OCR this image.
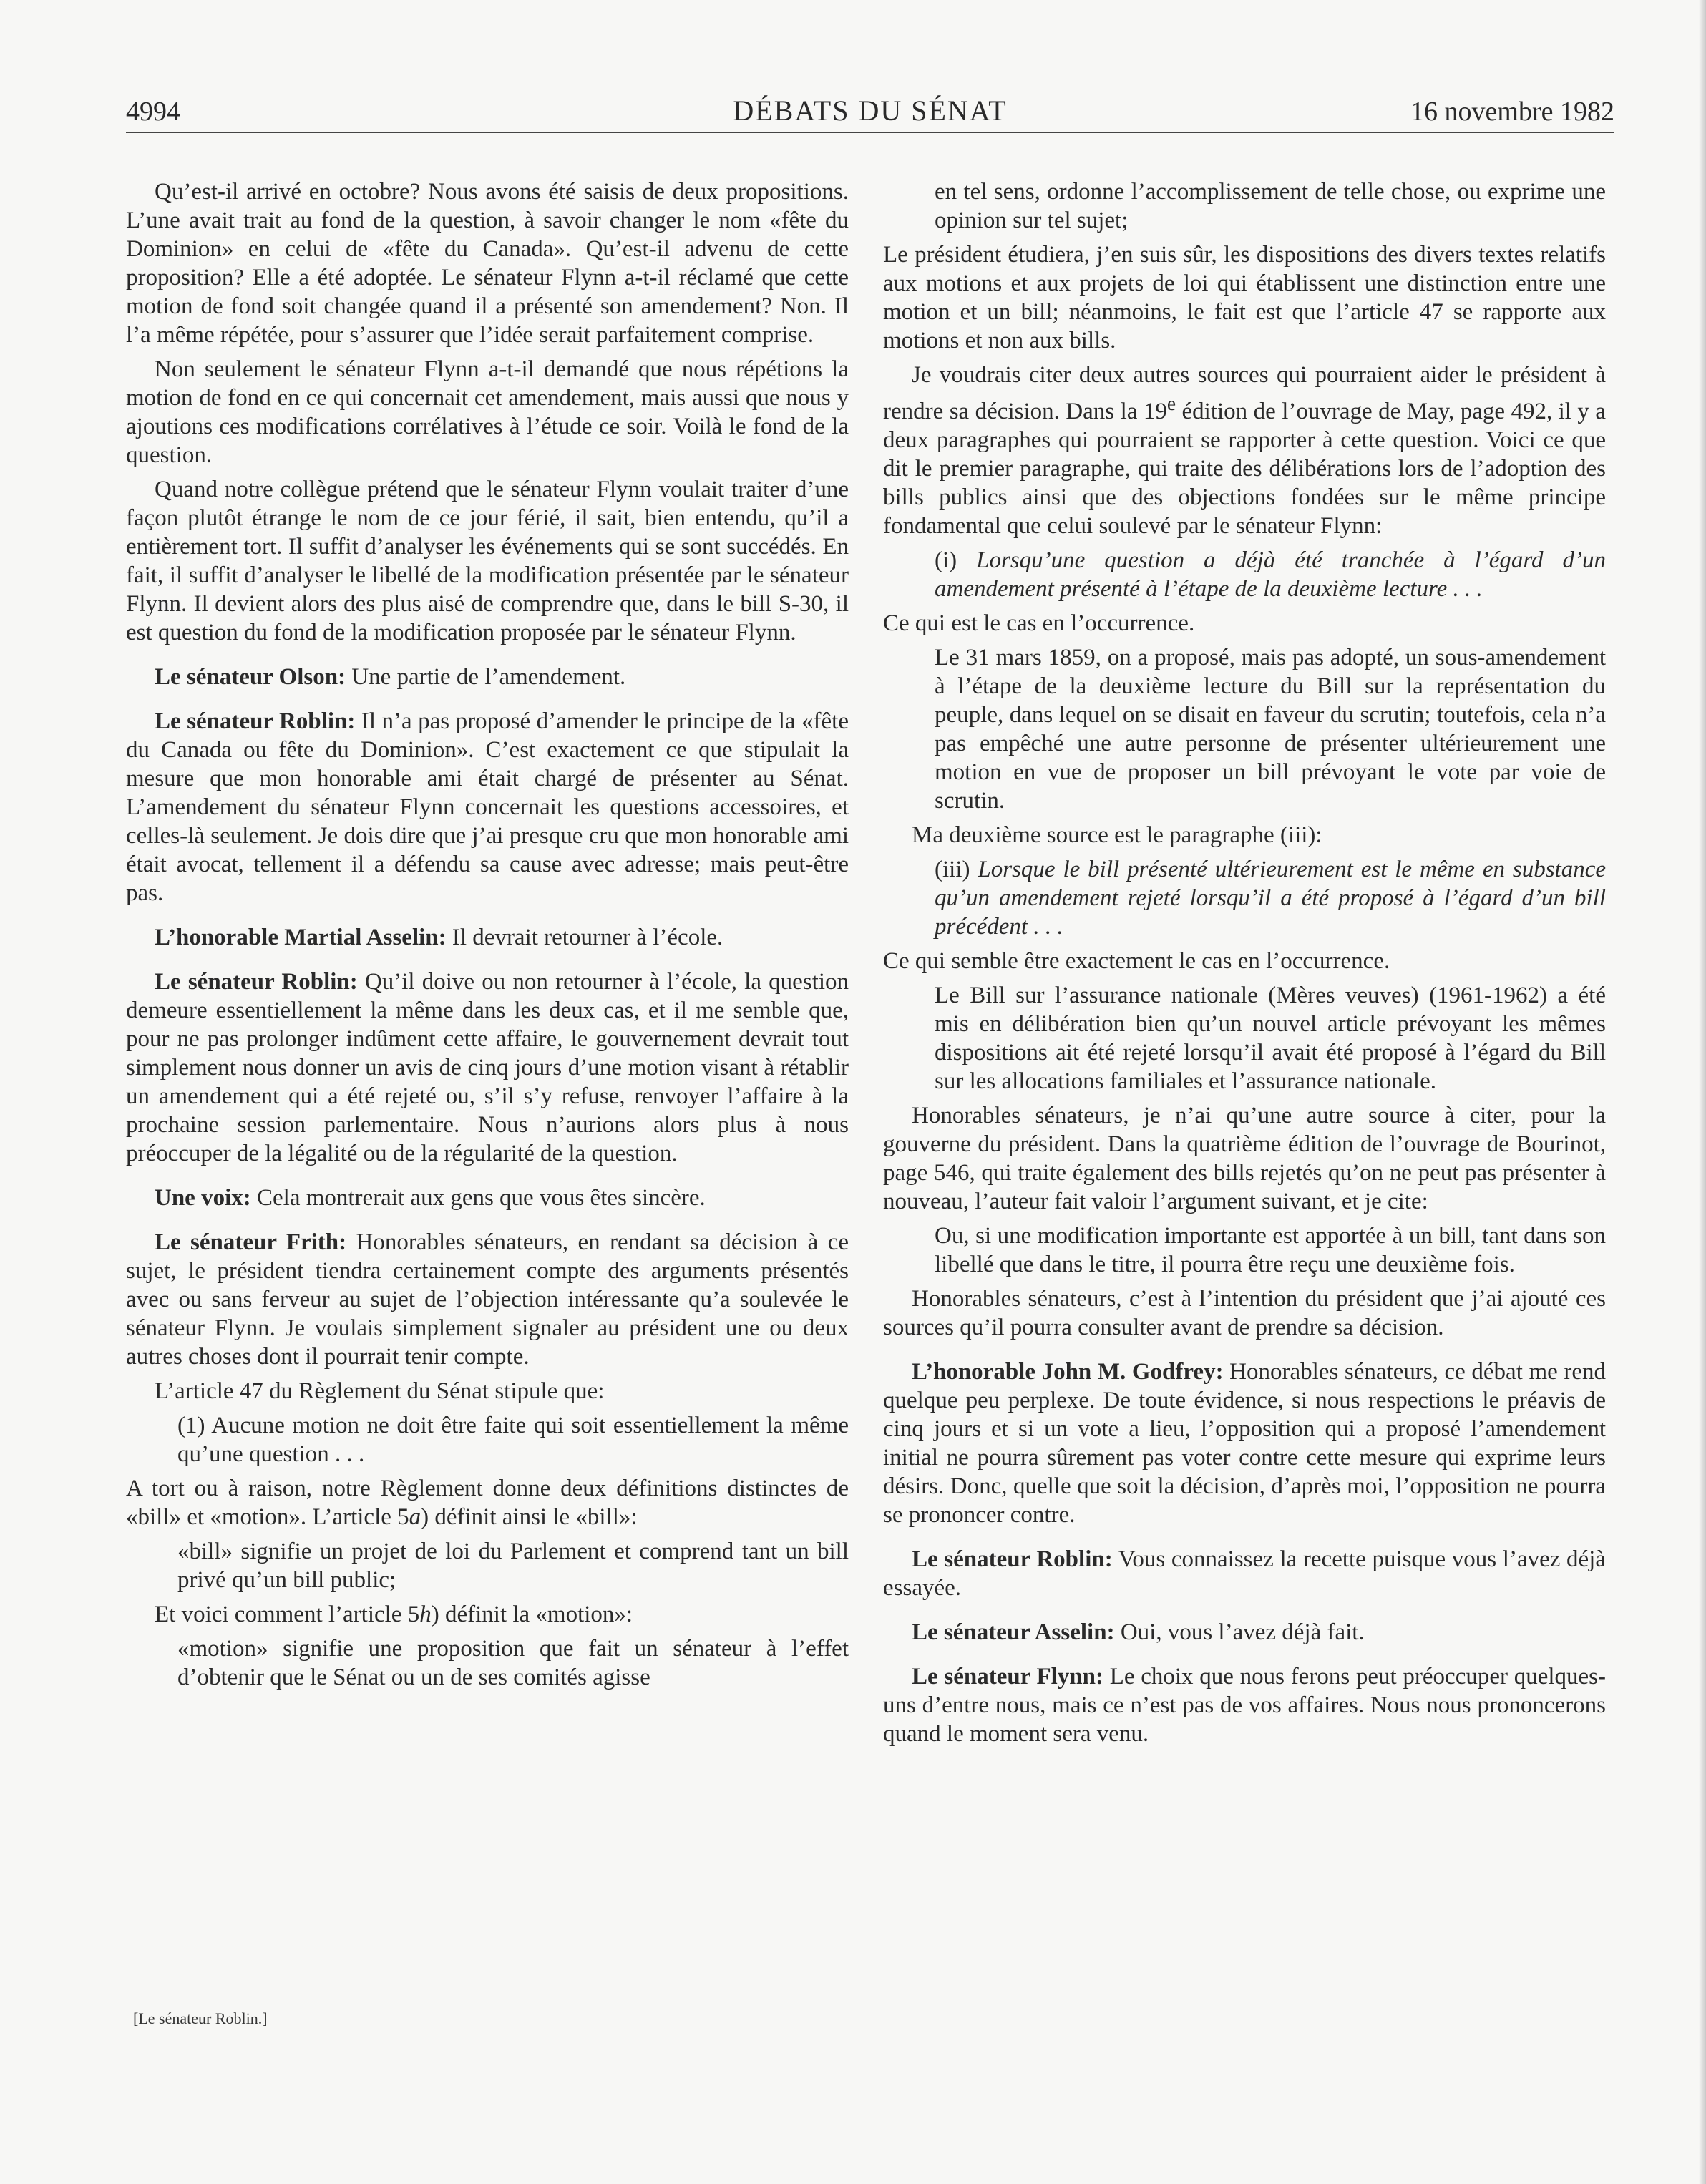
4994	DÉBATS DU SÉNAT	16 novembre 1982

Qu’est-il arrivé en octobre? Nous avons été saisis de deux propositions. L’une avait trait au fond de la question, à savoir changer le nom «fête du Dominion» en celui de «fête du Canada». Qu’est-il advenu de cette proposition? Elle a été adoptée. Le sénateur Flynn a-t-il réclamé que cette motion de fond soit changée quand il a présenté son amendement? Non. Il l’a même répétée, pour s’assurer que l’idée serait parfaitement comprise.

Non seulement le sénateur Flynn a-t-il demandé que nous répétions la motion de fond en ce qui concernait cet amendement, mais aussi que nous y ajoutions ces modifications corrélatives à l’étude ce soir. Voilà le fond de la question.

Quand notre collègue prétend que le sénateur Flynn voulait traiter d’une façon plutôt étrange le nom de ce jour férié, il sait, bien entendu, qu’il a entièrement tort. Il suffit d’analyser les événements qui se sont succédés. En fait, il suffit d’analyser le libellé de la modification présentée par le sénateur Flynn. Il devient alors des plus aisé de comprendre que, dans le bill S-30, il est question du fond de la modification proposée par le sénateur Flynn.

Le sénateur Olson: Une partie de l’amendement.

Le sénateur Roblin: Il n’a pas proposé d’amender le principe de la «fête du Canada ou fête du Dominion». C’est exactement ce que stipulait la mesure que mon honorable ami était chargé de présenter au Sénat. L’amendement du sénateur Flynn concernait les questions accessoires, et celles-là seulement. Je dois dire que j’ai presque cru que mon honorable ami était avocat, tellement il a défendu sa cause avec adresse; mais peut-être pas.

L’honorable Martial Asselin: Il devrait retourner à l’école.

Le sénateur Roblin: Qu’il doive ou non retourner à l’école, la question demeure essentiellement la même dans les deux cas, et il me semble que, pour ne pas prolonger indûment cette affaire, le gouvernement devrait tout simplement nous donner un avis de cinq jours d’une motion visant à rétablir un amendement qui a été rejeté ou, s’il s’y refuse, renvoyer l’affaire à la prochaine session parlementaire. Nous n’aurions alors plus à nous préoccuper de la légalité ou de la régularité de la question.

Une voix: Cela montrerait aux gens que vous êtes sincère.

Le sénateur Frith: Honorables sénateurs, en rendant sa décision à ce sujet, le président tiendra certainement compte des arguments présentés avec ou sans ferveur au sujet de l’objection intéressante qu’a soulevée le sénateur Flynn. Je voulais simplement signaler au président une ou deux autres choses dont il pourrait tenir compte.

L’article 47 du Règlement du Sénat stipule que:

(1) Aucune motion ne doit être faite qui soit essentiellement la même qu’une question . . .

A tort ou à raison, notre Règlement donne deux définitions distinctes de «bill» et «motion». L’article 5a) définit ainsi le «bill»:

«bill» signifie un projet de loi du Parlement et comprend tant un bill privé qu’un bill public;

Et voici comment l’article 5h) définit la «motion»:

«motion» signifie une proposition que fait un sénateur à l’effet d’obtenir que le Sénat ou un de ses comités agisse

en tel sens, ordonne l’accomplissement de telle chose, ou exprime une opinion sur tel sujet;

Le président étudiera, j’en suis sûr, les dispositions des divers textes relatifs aux motions et aux projets de loi qui établissent une distinction entre une motion et un bill; néanmoins, le fait est que l’article 47 se rapporte aux motions et non aux bills.

Je voudrais citer deux autres sources qui pourraient aider le président à rendre sa décision. Dans la 19e édition de l’ouvrage de May, page 492, il y a deux paragraphes qui pourraient se rapporter à cette question. Voici ce que dit le premier paragraphe, qui traite des délibérations lors de l’adoption des bills publics ainsi que des objections fondées sur le même principe fondamental que celui soulevé par le sénateur Flynn:

(i) Lorsqu’une question a déjà été tranchée à l’égard d’un amendement présenté à l’étape de la deuxième lecture . . .

Ce qui est le cas en l’occurrence.

Le 31 mars 1859, on a proposé, mais pas adopté, un sous-amendement à l’étape de la deuxième lecture du Bill sur la représentation du peuple, dans lequel on se disait en faveur du scrutin; toutefois, cela n’a pas empêché une autre personne de présenter ultérieurement une motion en vue de proposer un bill prévoyant le vote par voie de scrutin.

Ma deuxième source est le paragraphe (iii):

(iii) Lorsque le bill présenté ultérieurement est le même en substance qu’un amendement rejeté lorsqu’il a été proposé à l’égard d’un bill précédent . . .

Ce qui semble être exactement le cas en l’occurrence.

Le Bill sur l’assurance nationale (Mères veuves) (1961-1962) a été mis en délibération bien qu’un nouvel article prévoyant les mêmes dispositions ait été rejeté lorsqu’il avait été proposé à l’égard du Bill sur les allocations familiales et l’assurance nationale.

Honorables sénateurs, je n’ai qu’une autre source à citer, pour la gouverne du président. Dans la quatrième édition de l’ouvrage de Bourinot, page 546, qui traite également des bills rejetés qu’on ne peut pas présenter à nouveau, l’auteur fait valoir l’argument suivant, et je cite:

Ou, si une modification importante est apportée à un bill, tant dans son libellé que dans le titre, il pourra être reçu une deuxième fois.

Honorables sénateurs, c’est à l’intention du président que j’ai ajouté ces sources qu’il pourra consulter avant de prendre sa décision.

L’honorable John M. Godfrey: Honorables sénateurs, ce débat me rend quelque peu perplexe. De toute évidence, si nous respections le préavis de cinq jours et si un vote a lieu, l’opposition qui a proposé l’amendement initial ne pourra sûrement pas voter contre cette mesure qui exprime leurs désirs. Donc, quelle que soit la décision, d’après moi, l’opposition ne pourra se prononcer contre.

Le sénateur Roblin: Vous connaissez la recette puisque vous l’avez déjà essayée.

Le sénateur Asselin: Oui, vous l’avez déjà fait.

Le sénateur Flynn: Le choix que nous ferons peut préoccuper quelques-uns d’entre nous, mais ce n’est pas de vos affaires. Nous nous prononcerons quand le moment sera venu.

[Le sénateur Roblin.]
